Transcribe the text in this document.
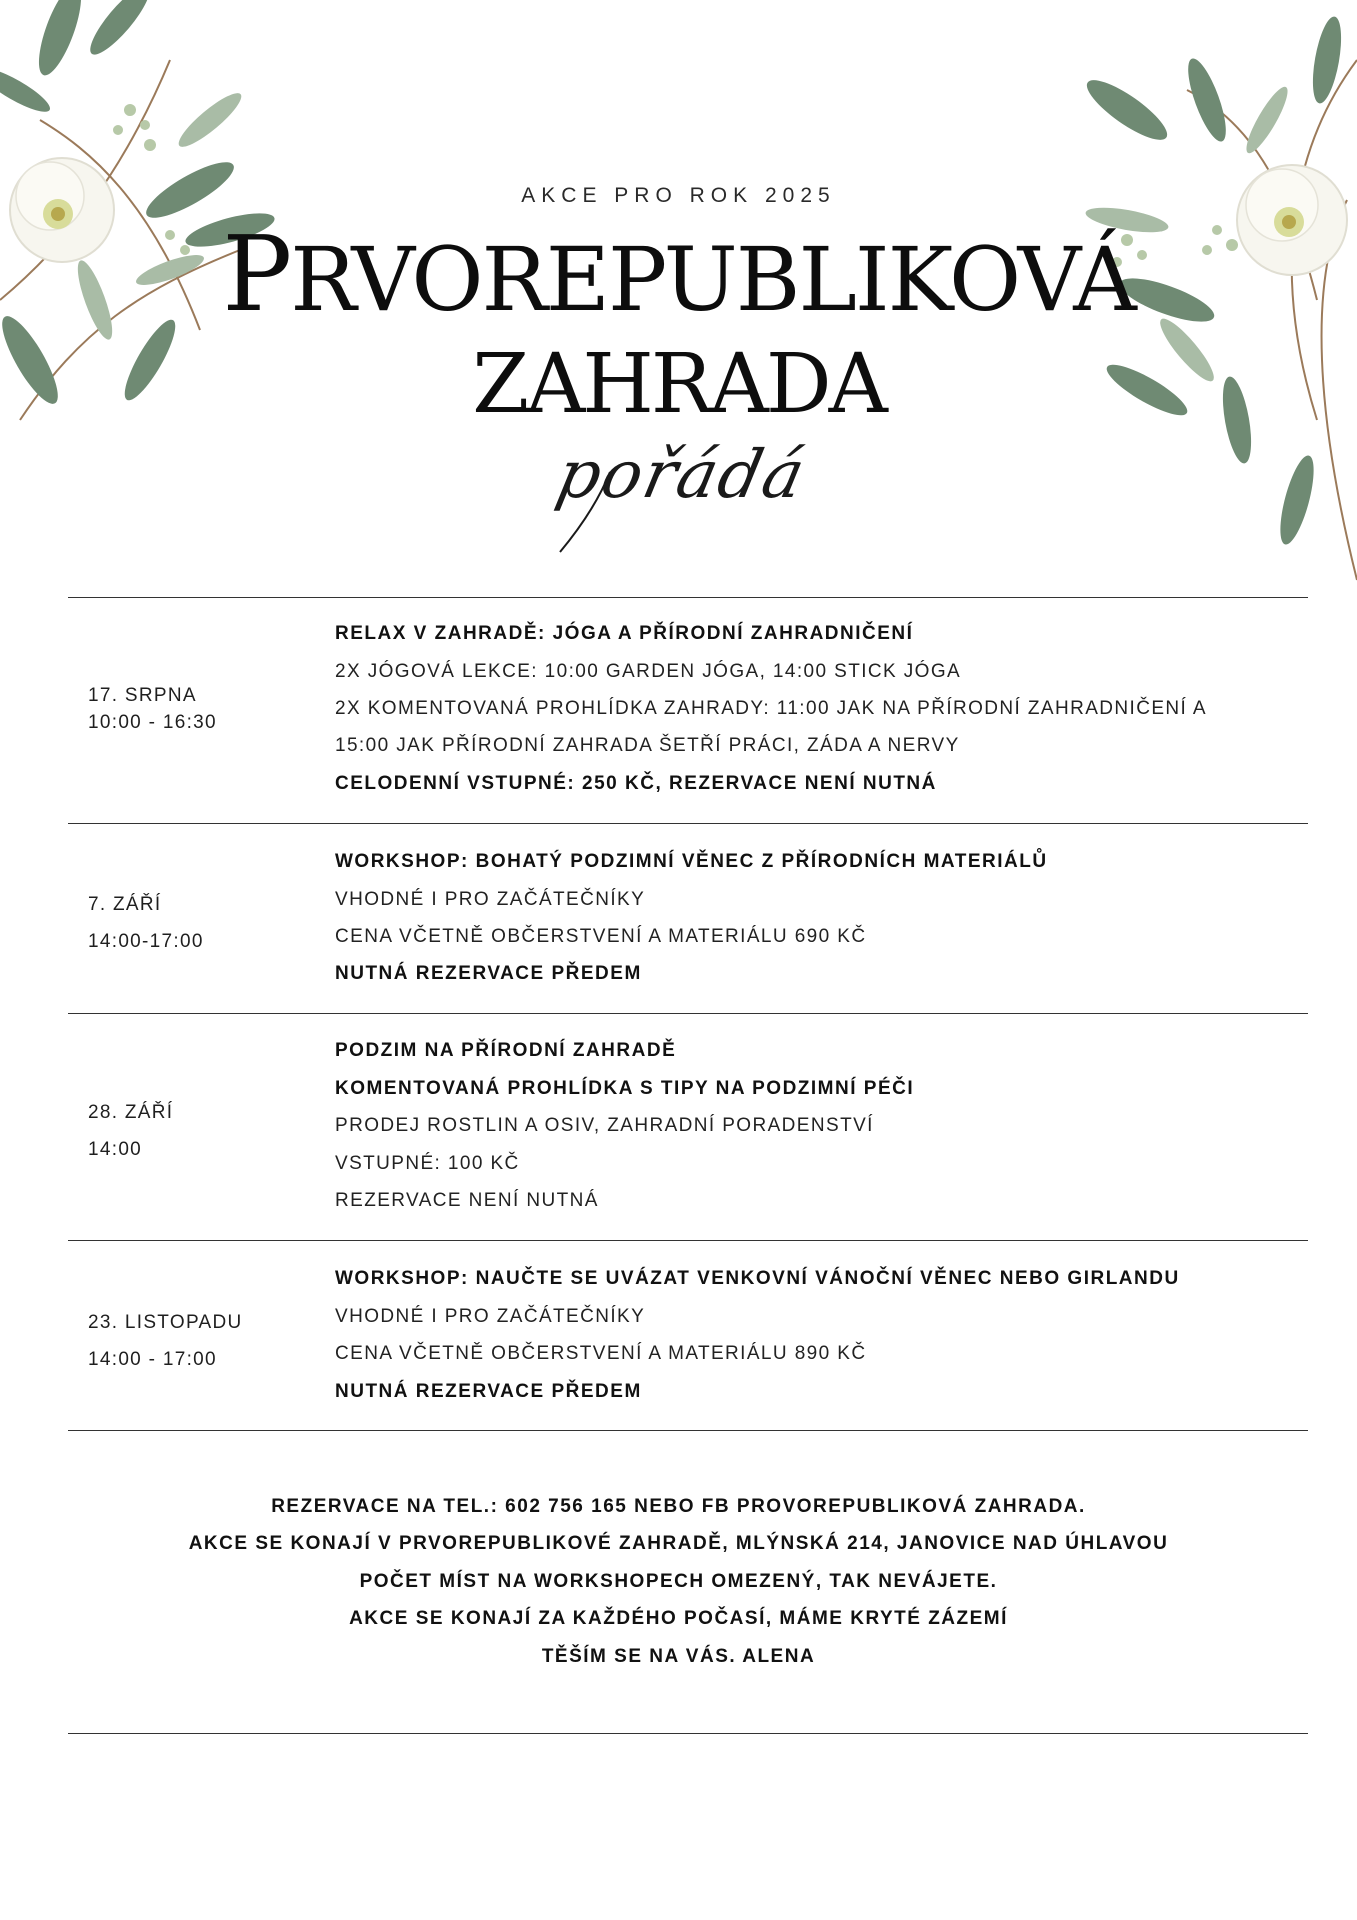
AKCE PRO ROK 2025
PRVOREPUBLIKOVÁ
ZAHRADA
pořádá
17. SRPNA
10:00 - 16:30
RELAX V ZAHRADĚ: JÓGA A PŘÍRODNÍ ZAHRADNIČENÍ
2X JÓGOVÁ LEKCE: 10:00 GARDEN JÓGA, 14:00 STICK JÓGA
2X KOMENTOVANÁ PROHLÍDKA ZAHRADY: 11:00 JAK NA PŘÍRODNÍ ZAHRADNIČENÍ A
15:00 JAK PŘÍRODNÍ ZAHRADA ŠETŘÍ PRÁCI, ZÁDA A NERVY
CELODENNÍ VSTUPNÉ: 250 KČ, REZERVACE NENÍ NUTNÁ
7. ZÁŘÍ
14:00-17:00
WORKSHOP: BOHATÝ PODZIMNÍ VĚNEC Z PŘÍRODNÍCH MATERIÁLŮ
VHODNÉ I PRO ZAČÁTEČNÍKY
CENA VČETNĚ OBČERSTVENÍ A MATERIÁLU 690 KČ
NUTNÁ REZERVACE PŘEDEM
28. ZÁŘÍ
14:00
PODZIM NA PŘÍRODNÍ ZAHRADĚ
KOMENTOVANÁ PROHLÍDKA S TIPY NA PODZIMNÍ PÉČI
PRODEJ ROSTLIN A OSIV, ZAHRADNÍ PORADENSTVÍ
VSTUPNÉ: 100 KČ
REZERVACE NENÍ NUTNÁ
23. LISTOPADU
14:00 - 17:00
WORKSHOP: NAUČTE SE UVÁZAT VENKOVNÍ VÁNOČNÍ VĚNEC NEBO GIRLANDU
VHODNÉ I PRO ZAČÁTEČNÍKY
CENA VČETNĚ OBČERSTVENÍ A MATERIÁLU 890 KČ
NUTNÁ REZERVACE PŘEDEM
REZERVACE NA TEL.: 602 756 165 NEBO FB PROVOREPUBLIKOVÁ ZAHRADA.
AKCE SE KONAJÍ V PRVOREPUBLIKOVÉ ZAHRADĚ, MLÝNSKÁ 214, JANOVICE NAD ÚHLAVOU
POČET MÍST NA WORKSHOPECH OMEZENÝ, TAK NEVÁJETE.
AKCE SE KONAJÍ ZA KAŽDÉHO POČASÍ, MÁME KRYTÉ ZÁZEMÍ
TĚŠÍM SE NA VÁS. ALENA
